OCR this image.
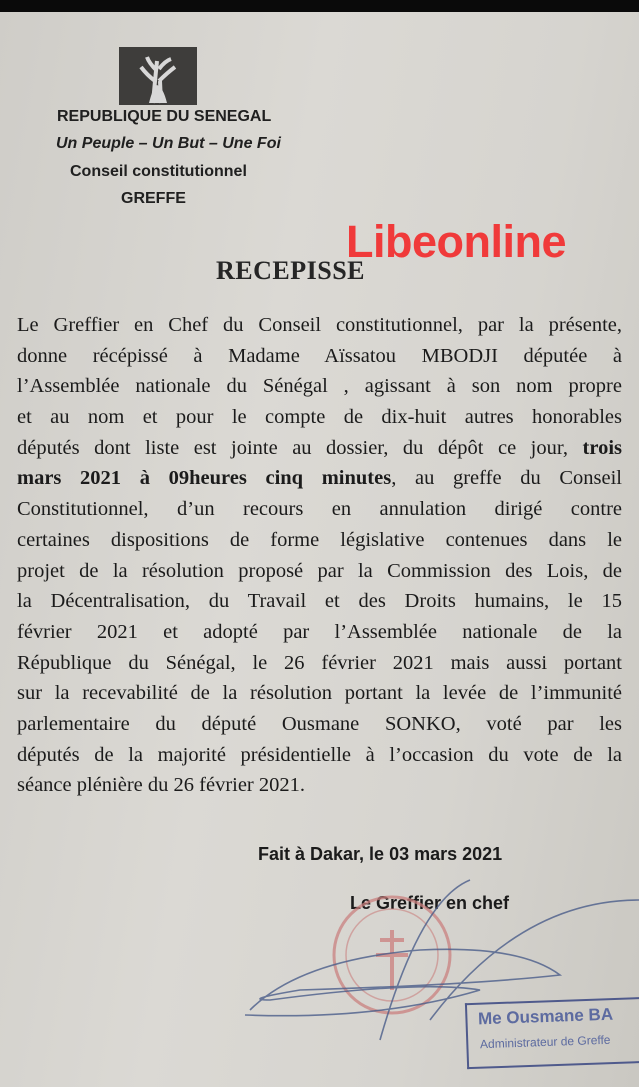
REPUBLIQUE DU SENEGAL
Un Peuple – Un But – Une Foi
Conseil constitutionnel
GREFFE
RECEPISSE
Libeonline
Le Greffier en Chef du Conseil constitutionnel, par la présente,
donne récépissé à Madame Aïssatou MBODJI députée à
l’Assemblée nationale du Sénégal , agissant à son nom propre
et au nom et pour le compte de dix-huit autres honorables
députés dont liste est jointe au dossier, du dépôt ce jour, trois
mars 2021 à 09heures cinq minutes, au greffe du Conseil
Constitutionnel, d’un recours en annulation dirigé contre
certaines dispositions de forme législative contenues dans le
projet de la résolution proposé par la Commission des Lois, de
la Décentralisation, du Travail et des Droits humains, le 15
février 2021 et adopté par l’Assemblée nationale de la
République du Sénégal, le 26 février 2021 mais aussi portant
sur la recevabilité de la résolution portant la levée de l’immunité
parlementaire du député Ousmane SONKO, voté par les
députés de la majorité présidentielle à l’occasion du vote de la
séance plénière du 26 février 2021.
Fait à Dakar, le 03 mars 2021
Le Greffier en chef
Me Ousmane BA
Administrateur de Greffe
